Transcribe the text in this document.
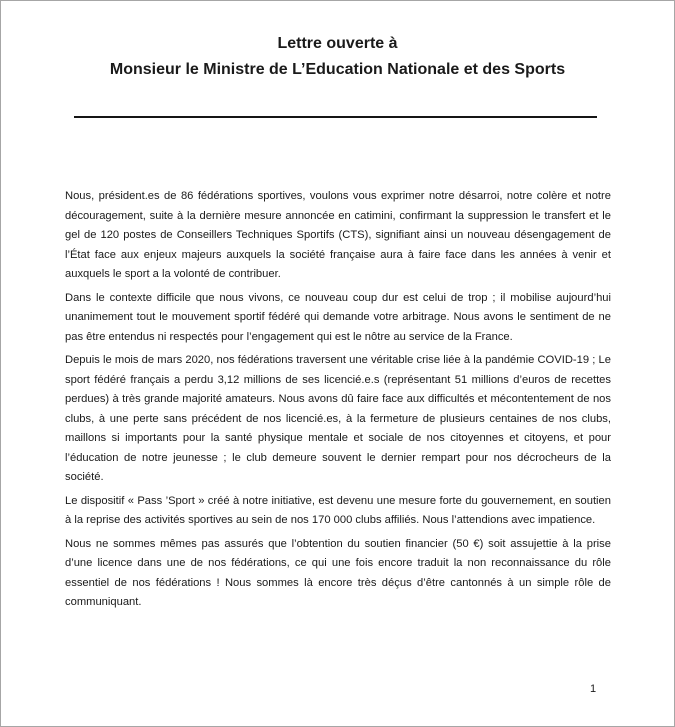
Lettre ouverte à
Monsieur le Ministre de L’Education Nationale et des Sports

Nous, président.es de 86 fédérations sportives, voulons vous exprimer notre désarroi, notre colère et notre découragement, suite à la dernière mesure annoncée en catimini, confirmant la suppression le transfert et le gel de 120 postes de Conseillers Techniques Sportifs (CTS), signifiant ainsi un nouveau désengagement de l’État face aux enjeux majeurs auxquels la société française aura à faire face dans les années à venir et auxquels le sport a la volonté de contribuer.

Dans le contexte difficile que nous vivons, ce nouveau coup dur est celui de trop ; il mobilise aujourd’hui unanimement tout le mouvement sportif fédéré qui demande votre arbitrage. Nous avons le sentiment de ne pas être entendus ni respectés pour l’engagement qui est le nôtre au service de la France.

Depuis le mois de mars 2020, nos fédérations traversent une véritable crise liée à la pandémie COVID-19 ; Le sport fédéré français a perdu 3,12 millions de ses licencié.e.s (représentant 51 millions d’euros de recettes perdues) à très grande majorité amateurs. Nous avons dû faire face aux difficultés et mécontentement de nos clubs, à une perte sans précédent de nos licencié.es, à la fermeture de plusieurs centaines de nos clubs, maillons si importants pour la santé physique mentale et sociale de nos citoyennes et citoyens, et pour l’éducation de notre jeunesse ; le club demeure souvent le dernier rempart pour nos décrocheurs de la société.

Le dispositif « Pass ’Sport » créé à notre initiative, est devenu une mesure forte du gouvernement, en soutien à la reprise des activités sportives au sein de nos 170 000 clubs affiliés. Nous l’attendions avec impatience.

Nous ne sommes mêmes pas assurés que l’obtention du soutien financier (50 €) soit assujettie à la prise d’une licence dans une de nos fédérations, ce qui une fois encore traduit la non reconnaissance du rôle essentiel de nos fédérations ! Nous sommes là encore très déçus d’être cantonnés à un simple rôle de communiquant.

1
